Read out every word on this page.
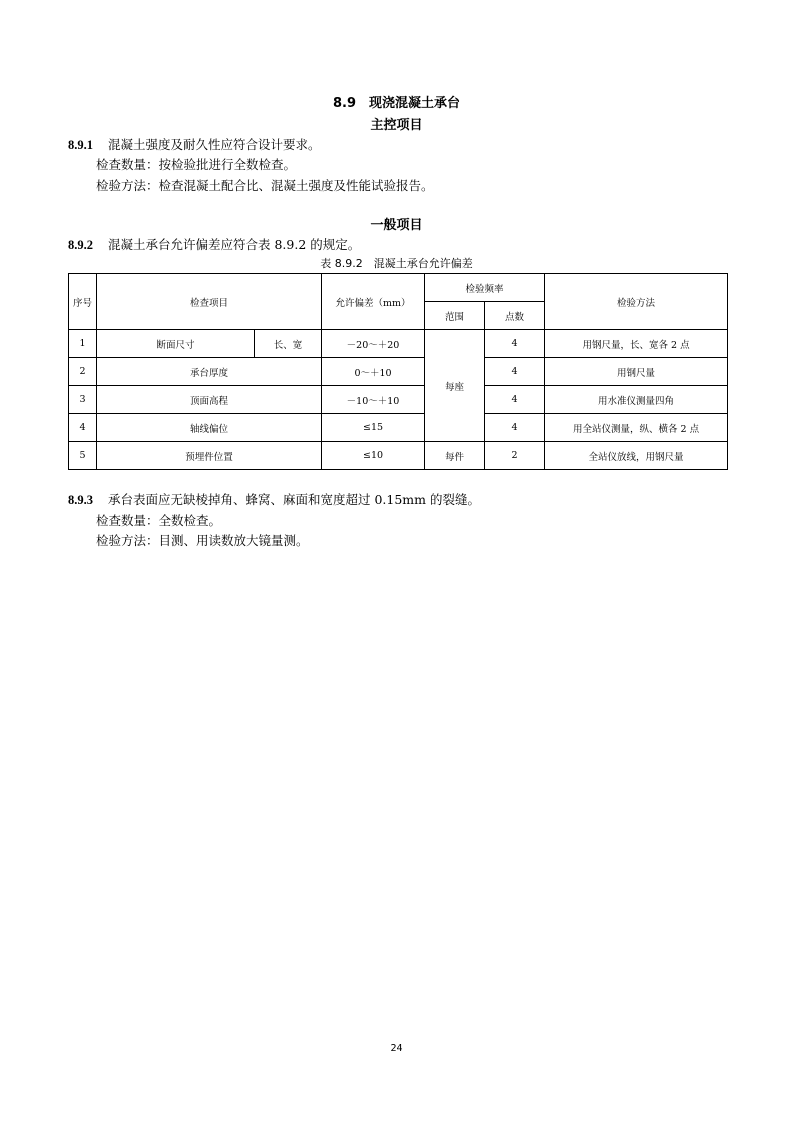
8.9　现浇混凝土承台
主控项目
8.9.1 混凝土强度及耐久性应符合设计要求。
检查数量：按检验批进行全数检查。
检验方法：检查混凝土配合比、混凝土强度及性能试验报告。
一般项目
8.9.2 混凝土承台允许偏差应符合表 8.9.2 的规定。
表 8.9.2　混凝土承台允许偏差
序号	检查项目		允许偏差（mm）	检验频率		检验方法
				范围	点数	
1	断面尺寸	长、宽	－20～＋20	每座	4	用钢尺量，长、宽各 2 点
2	承台厚度		0～＋10		4	用钢尺量
3	顶面高程		－10～＋10		4	用水准仪测量四角
4	轴线偏位		≤15		4	用全站仪测量，纵、横各 2 点
5	预埋件位置		≤10	每件	2	全站仪放线，用钢尺量
8.9.3 承台表面应无缺棱掉角、蜂窝、麻面和宽度超过 0.15mm 的裂缝。
检查数量：全数检查。
检验方法：目测、用读数放大镜量测。
24
